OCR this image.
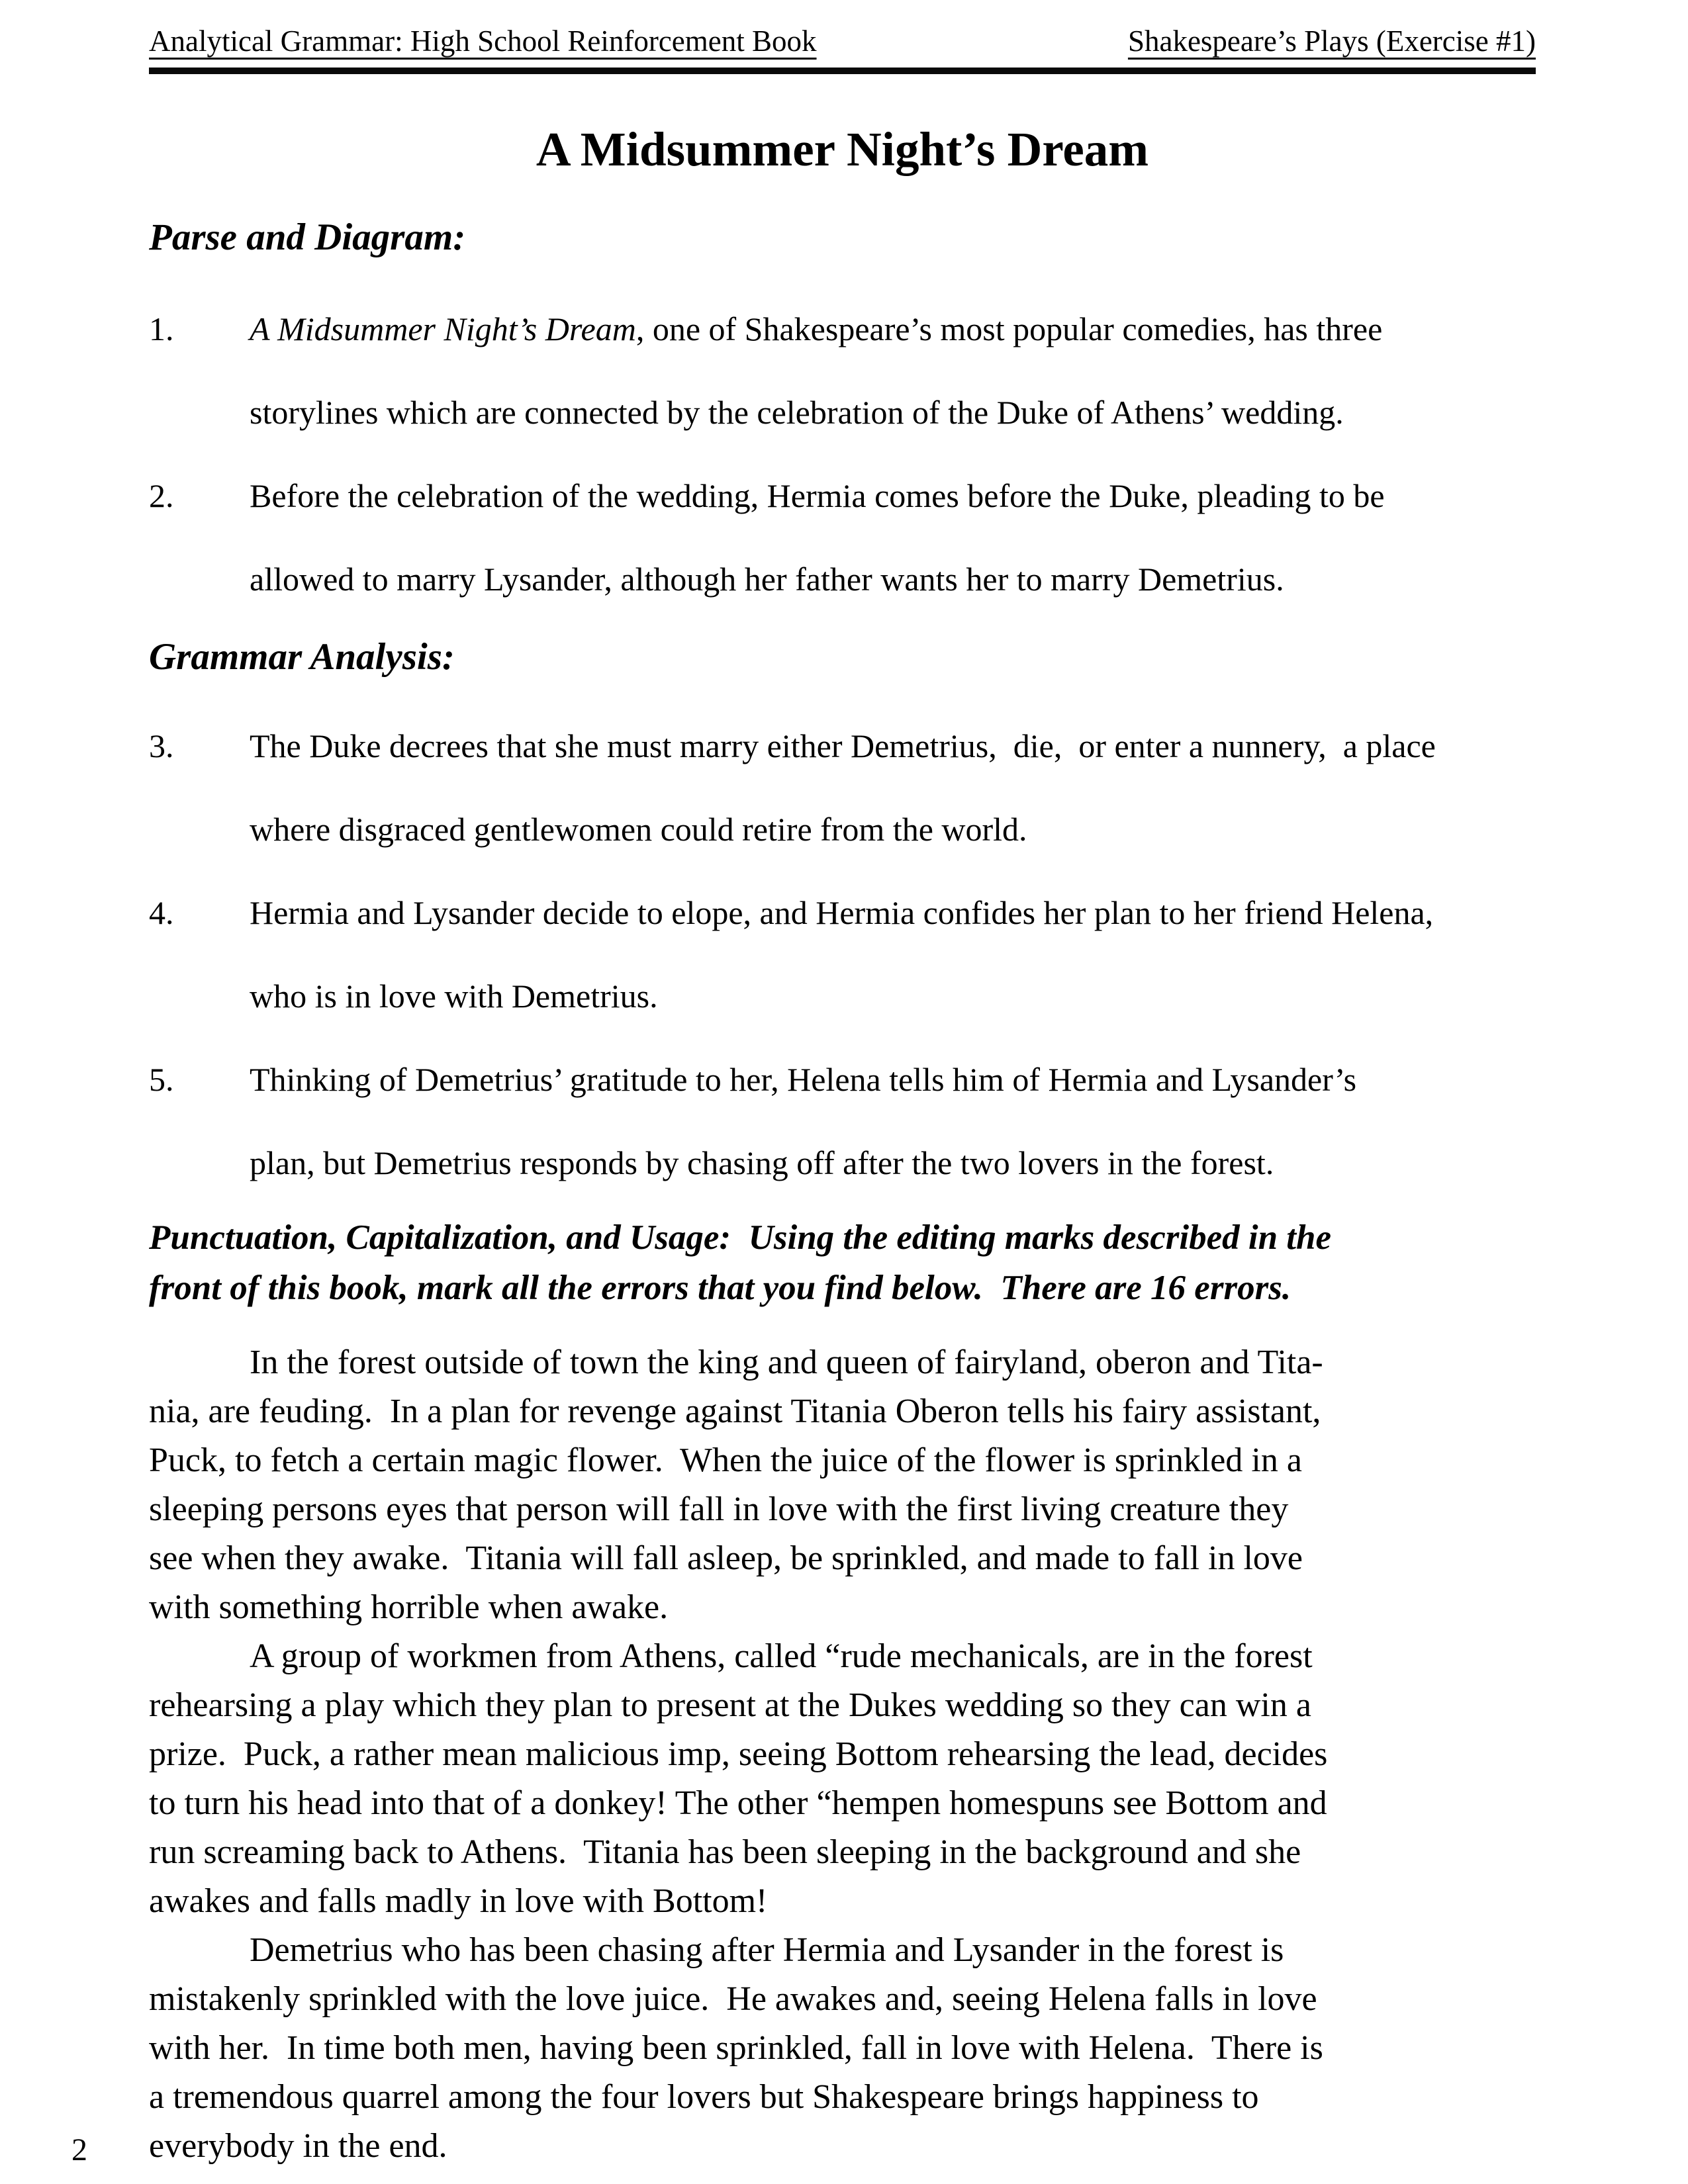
Analytical Grammar: High School Reinforcement Book	Shakespeare’s Plays (Exercise #1)
A Midsummer Night’s Dream
Parse and Diagram:
1.	A Midsummer Night’s Dream, one of Shakespeare’s most popular comedies, has three
storylines which are connected by the celebration of the Duke of Athens’ wedding.
2.	Before the celebration of the wedding, Hermia comes before the Duke, pleading to be
allowed to marry Lysander, although her father wants her to marry Demetrius.
Grammar Analysis:
3.	The Duke decrees that she must marry either Demetrius,  die,  or enter a nunnery,  a place
where disgraced gentlewomen could retire from the world.
4.	Hermia and Lysander decide to elope, and Hermia confides her plan to her friend Helena,
who is in love with Demetrius.
5.	Thinking of Demetrius’ gratitude to her, Helena tells him of Hermia and Lysander’s
plan, but Demetrius responds by chasing off after the two lovers in the forest.
Punctuation, Capitalization, and Usage:  Using the editing marks described in the
front of this book, mark all the errors that you find below.  There are 16 errors.
In the forest outside of town the king and queen of fairyland, oberon and Tita-
nia, are feuding.  In a plan for revenge against Titania Oberon tells his fairy assistant,
Puck, to fetch a certain magic flower.  When the juice of the flower is sprinkled in a
sleeping persons eyes that person will fall in love with the first living creature they
see when they awake.  Titania will fall asleep, be sprinkled, and made to fall in love
with something horrible when awake.
A group of workmen from Athens, called “rude mechanicals, are in the forest
rehearsing a play which they plan to present at the Dukes wedding so they can win a
prize.  Puck, a rather mean malicious imp, seeing Bottom rehearsing the lead, decides
to turn his head into that of a donkey! The other “hempen homespuns see Bottom and
run screaming back to Athens.  Titania has been sleeping in the background and she
awakes and falls madly in love with Bottom!
Demetrius who has been chasing after Hermia and Lysander in the forest is
mistakenly sprinkled with the love juice.  He awakes and, seeing Helena falls in love
with her.  In time both men, having been sprinkled, fall in love with Helena.  There is
a tremendous quarrel among the four lovers but Shakespeare brings happiness to
everybody in the end.
2
